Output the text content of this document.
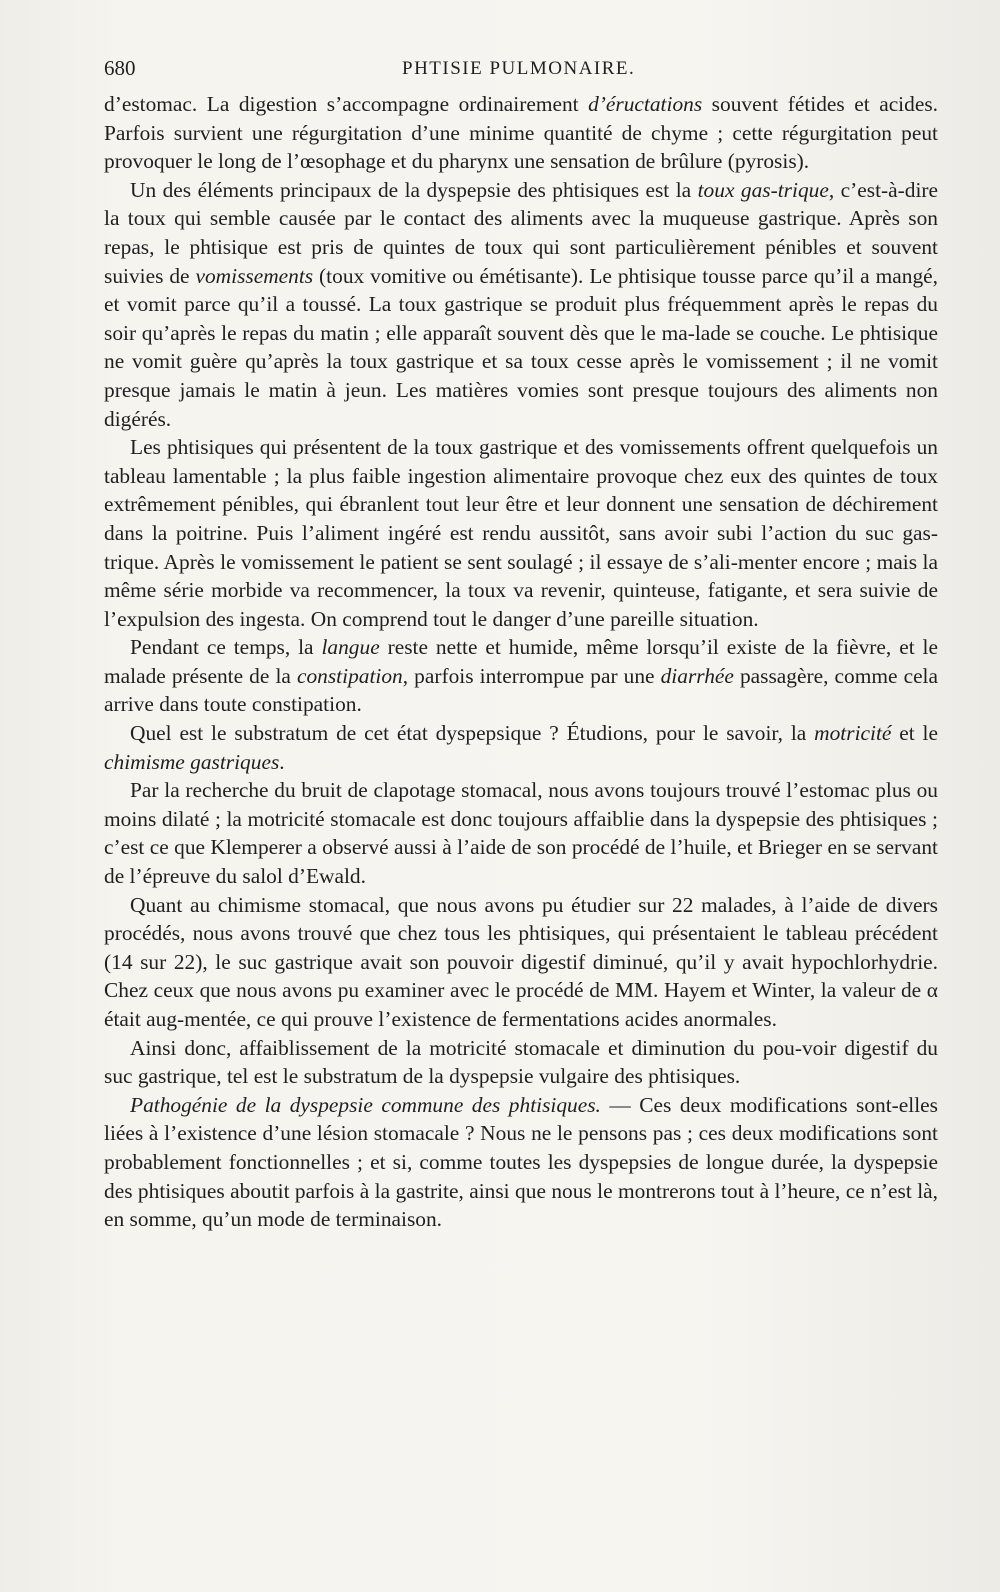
680	PHTISIE PULMONAIRE.

d’estomac. La digestion s’accompagne ordinairement d’éructations souvent fétides et acides. Parfois survient une régurgitation d’une minime quantité de chyme ; cette régurgitation peut provoquer le long de l’œsophage et du pharynx une sensation de brûlure (pyrosis).

Un des éléments principaux de la dyspepsie des phtisiques est la toux gas-trique, c’est-à-dire la toux qui semble causée par le contact des aliments avec la muqueuse gastrique. Après son repas, le phtisique est pris de quintes de toux qui sont particulièrement pénibles et souvent suivies de vomissements (toux vomitive ou émétisante). Le phtisique tousse parce qu’il a mangé, et vomit parce qu’il a toussé. La toux gastrique se produit plus fréquemment après le repas du soir qu’après le repas du matin ; elle apparaît souvent dès que le ma-lade se couche. Le phtisique ne vomit guère qu’après la toux gastrique et sa toux cesse après le vomissement ; il ne vomit presque jamais le matin à jeun. Les matières vomies sont presque toujours des aliments non digérés.

Les phtisiques qui présentent de la toux gastrique et des vomissements offrent quelquefois un tableau lamentable ; la plus faible ingestion alimentaire provoque chez eux des quintes de toux extrêmement pénibles, qui ébranlent tout leur être et leur donnent une sensation de déchirement dans la poitrine. Puis l’aliment ingéré est rendu aussitôt, sans avoir subi l’action du suc gas-trique. Après le vomissement le patient se sent soulagé ; il essaye de s’ali-menter encore ; mais la même série morbide va recommencer, la toux va revenir, quinteuse, fatigante, et sera suivie de l’expulsion des ingesta. On comprend tout le danger d’une pareille situation.

Pendant ce temps, la langue reste nette et humide, même lorsqu’il existe de la fièvre, et le malade présente de la constipation, parfois interrompue par une diarrhée passagère, comme cela arrive dans toute constipation.

Quel est le substratum de cet état dyspepsique ? Étudions, pour le savoir, la motricité et le chimisme gastriques.

Par la recherche du bruit de clapotage stomacal, nous avons toujours trouvé l’estomac plus ou moins dilaté ; la motricité stomacale est donc toujours affaiblie dans la dyspepsie des phtisiques ; c’est ce que Klemperer a observé aussi à l’aide de son procédé de l’huile, et Brieger en se servant de l’épreuve du salol d’Ewald.

Quant au chimisme stomacal, que nous avons pu étudier sur 22 malades, à l’aide de divers procédés, nous avons trouvé que chez tous les phtisiques, qui présentaient le tableau précédent (14 sur 22), le suc gastrique avait son pouvoir digestif diminué, qu’il y avait hypochlorhydrie. Chez ceux que nous avons pu examiner avec le procédé de MM. Hayem et Winter, la valeur de α était aug-mentée, ce qui prouve l’existence de fermentations acides anormales.

Ainsi donc, affaiblissement de la motricité stomacale et diminution du pou-voir digestif du suc gastrique, tel est le substratum de la dyspepsie vulgaire des phtisiques.

Pathogénie de la dyspepsie commune des phtisiques. — Ces deux modifications sont-elles liées à l’existence d’une lésion stomacale ? Nous ne le pensons pas ; ces deux modifications sont probablement fonctionnelles ; et si, comme toutes les dyspepsies de longue durée, la dyspepsie des phtisiques aboutit parfois à la gastrite, ainsi que nous le montrerons tout à l’heure, ce n’est là, en somme, qu’un mode de terminaison.
